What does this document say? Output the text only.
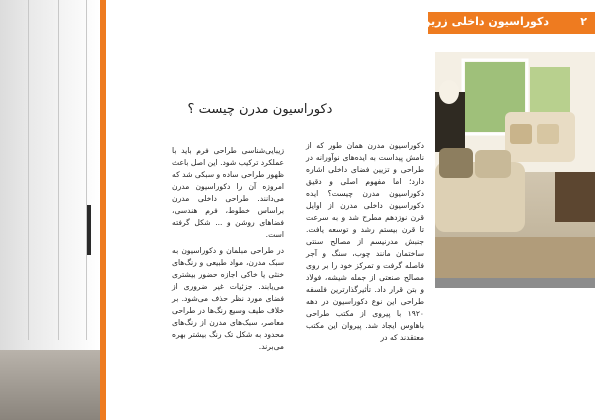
دکوراسیون داخلی زرین	۲
دکوراسیون مدرن چیست ؟

دکوراسیون مدرن همان طور که از نامش پیداست به ایده‌های نوآورانه در طراحی و تزیین فضای داخلی اشاره دارد؛ اما مفهوم اصلی و دقیق دکوراسیون مدرن چیست؟ ایده دکوراسیون داخلی مدرن از اوایل قرن نوزدهم مطرح شد و به سرعت تا قرن بیستم رشد و توسعه یافت. جنبش مدرنیسم از مصالح سنتی ساختمان مانند چوب، سنگ و آجر فاصله گرفت و تمرکز خود را بر روی مصالح صنعتی از جمله شیشه، فولاد و بتن قرار داد. تأثیرگذارترین فلسفه طراحی این نوع دکوراسیون در دهه ۱۹۲۰ با پیروی از مکتب طراحی باهاوس ایجاد شد. پیروان این مکتب معتقدند که در

زیبایی‌شناسی طراحی فرم باید با عملکرد ترکیب شود. این اصل باعث ظهور طراحی ساده و سبکی شد که امروزه آن را دکوراسیون مدرن می‌دانند. طراحی داخلی مدرن براساس خطوط، فرم هندسی، فضاهای روشن و ... شکل گرفته است.

در طراحی مبلمان و دکوراسیون به سبک مدرن، مواد طبیعی و رنگ‌های خنثی یا خاکی اجازه حضور بیشتری می‌یابند. جزئیات غیر ضروری از فضای مورد نظر حذف می‌شود. بر خلاف طیف وسیع رنگ‌ها در طراحی معاصر، سبک‌های مدرن از رنگ‌های محدود به شکل تک رنگ بیشتر بهره می‌برند.
